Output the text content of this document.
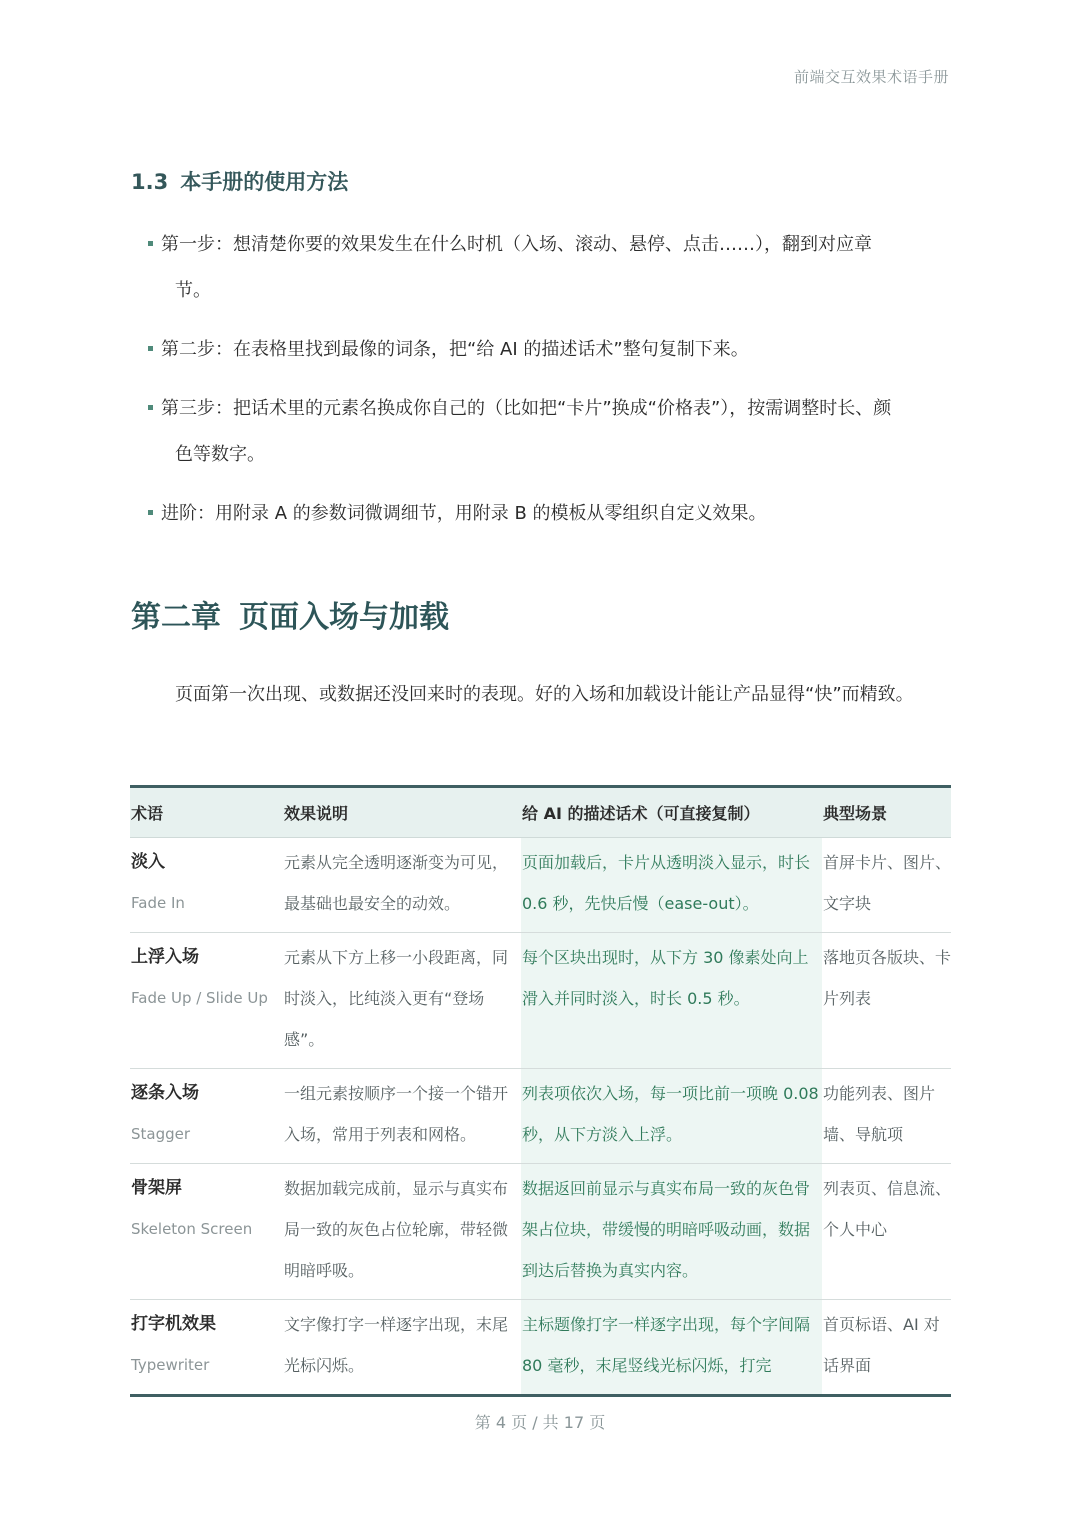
前端交互效果术语手册
1.3 本手册的使用方法
第一步：想清楚你要的效果发生在什么时机（入场、滚动、悬停、点击……），翻到对应章
节。
第二步：在表格里找到最像的词条，把“给 AI 的描述话术”整句复制下来。
第三步：把话术里的元素名换成你自己的（比如把“卡片”换成“价格表”），按需调整时长、颜
色等数字。
进阶：用附录 A 的参数词微调细节，用附录 B 的模板从零组织自定义效果。
第二章 页面入场与加载

页面第一次出现、或数据还没回来时的表现。好的入场和加载设计能让产品显得“快”而精致。

术语	效果说明	给 AI 的描述话术（可直接复制）	典型场景

淡入
Fade In	元素从完全透明逐渐变为可见，最基础也最安全的动效。	页面加载后，卡片从透明淡入显示，时长 0.6 秒，先快后慢（ease-out）。	首屏卡片、图片、文字块

上浮入场
Fade Up / Slide Up	元素从下方上移一小段距离，同时淡入，比纯淡入更有“登场感”。	每个区块出现时，从下方 30 像素处向上滑入并同时淡入，时长 0.5 秒。	落地页各版块、卡片列表

逐条入场
Stagger	一组元素按顺序一个接一个错开入场，常用于列表和网格。	列表项依次入场，每一项比前一项晚 0.08 秒，从下方淡入上浮。	功能列表、图片墙、导航项

骨架屏
Skeleton Screen	数据加载完成前，显示与真实布局一致的灰色占位轮廓，带轻微明暗呼吸。	数据返回前显示与真实布局一致的灰色骨架占位块，带缓慢的明暗呼吸动画，数据到达后替换为真实内容。	列表页、信息流、个人中心

打字机效果
Typewriter	文字像打字一样逐字出现，末尾光标闪烁。	主标题像打字一样逐字出现，每个字间隔 80 毫秒，末尾竖线光标闪烁，打完	首页标语、AI 对话界面
第 4 页 / 共 17 页
